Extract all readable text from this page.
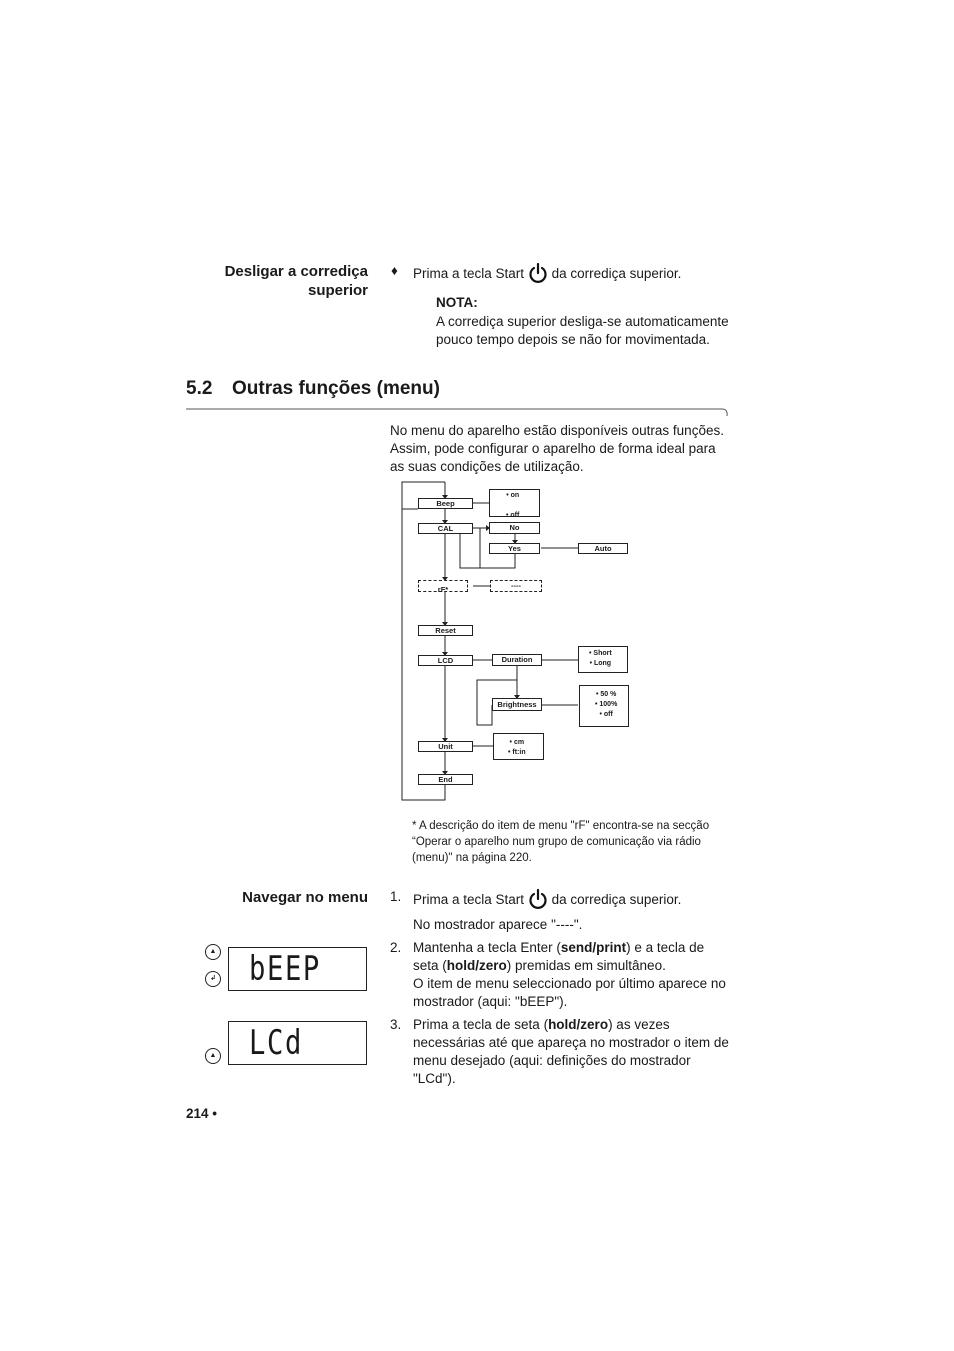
Desligar a corrediça superior
♦ Prima a tecla Start da corrediça superior.
NOTA:
A corrediça superior desliga-se automaticamente pouco tempo depois se não for movimentada.
5.2 Outras funções (menu)
No menu do aparelho estão disponíveis outras funções. Assim, pode configurar o aparelho de forma ideal para as suas condições de utilização.
Beep
• on

• off
CAL	No
Yes	Auto
rF*	----
Reset
LCD	Duration
• Short
• Long
Brightness
• 50 %
• 100%
• off
Unit	• cm
• ft:in
End
* A descrição do item de menu "rF" encontra-se na secção “Operar o aparelho num grupo de comunicação via rádio (menu)" na página 220.
Navegar no menu 1. Prima a tecla Start da corrediça superior.
No mostrador aparece "----".
2. Mantenha a tecla Enter (send/print) e a tecla de seta (hold/zero) premidas em simultâneo.
O item de menu seleccionado por último aparece no mostrador (aqui: "bEEP").
3. Prima a tecla de seta (hold/zero) as vezes necessárias até que apareça no mostrador o item de menu desejado (aqui: definições do mostrador "LCd").
▲
↲ bEEP
▲ LCd
214 •
